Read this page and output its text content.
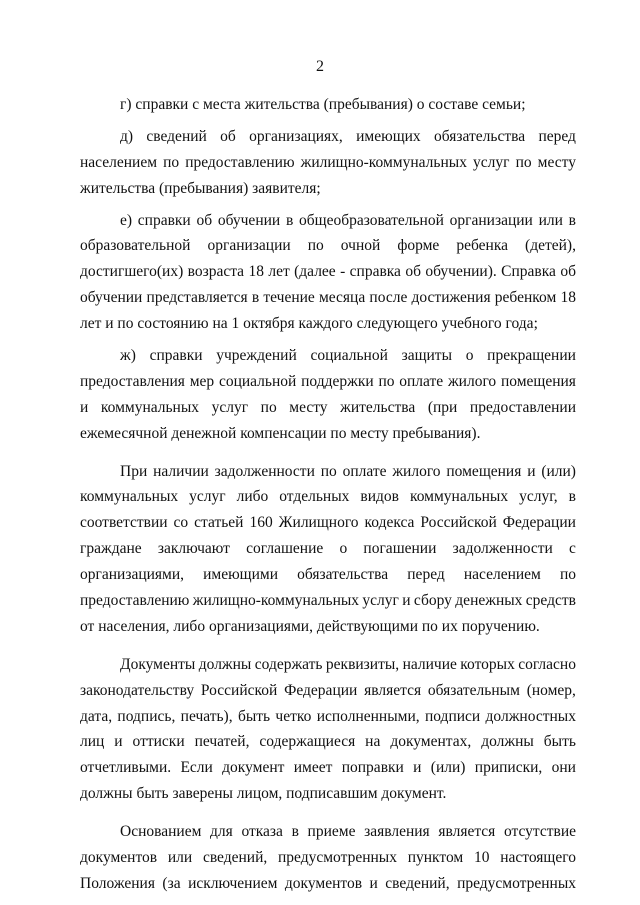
2
г) справки с места жительства (пребывания) о составе семьи;
д) сведений об организациях, имеющих обязательства перед
населением по предоставлению жилищно-коммунальных услуг по месту
жительства (пребывания) заявителя;
е) справки об обучении в общеобразовательной организации или в
образовательной организации по очной форме ребенка (детей),
достигшего(их) возраста 18 лет (далее - справка об обучении). Справка об
обучении представляется в течение месяца после достижения ребенком 18
лет и по состоянию на 1 октября каждого следующего учебного года;
ж) справки учреждений социальной защиты о прекращении
предоставления мер социальной поддержки по оплате жилого помещения
и коммунальных услуг по месту жительства (при предоставлении
ежемесячной денежной компенсации по месту пребывания).
При наличии задолженности по оплате жилого помещения и (или)
коммунальных услуг либо отдельных видов коммунальных услуг, в
соответствии со статьей 160 Жилищного кодекса Российской Федерации
граждане заключают соглашение о погашении задолженности с
организациями, имеющими обязательства перед населением по
предоставлению жилищно-коммунальных услуг и сбору денежных средств
от населения, либо организациями, действующими по их поручению.
Документы должны содержать реквизиты, наличие которых согласно
законодательству Российской Федерации является обязательным (номер,
дата, подпись, печать), быть четко исполненными, подписи должностных
лиц и оттиски печатей, содержащиеся на документах, должны быть
отчетливыми. Если документ имеет поправки и (или) приписки, они
должны быть заверены лицом, подписавшим документ.
Основанием для отказа в приеме заявления является отсутствие
документов или сведений, предусмотренных пунктом 10 настоящего
Положения (за исключением документов и сведений, предусмотренных
